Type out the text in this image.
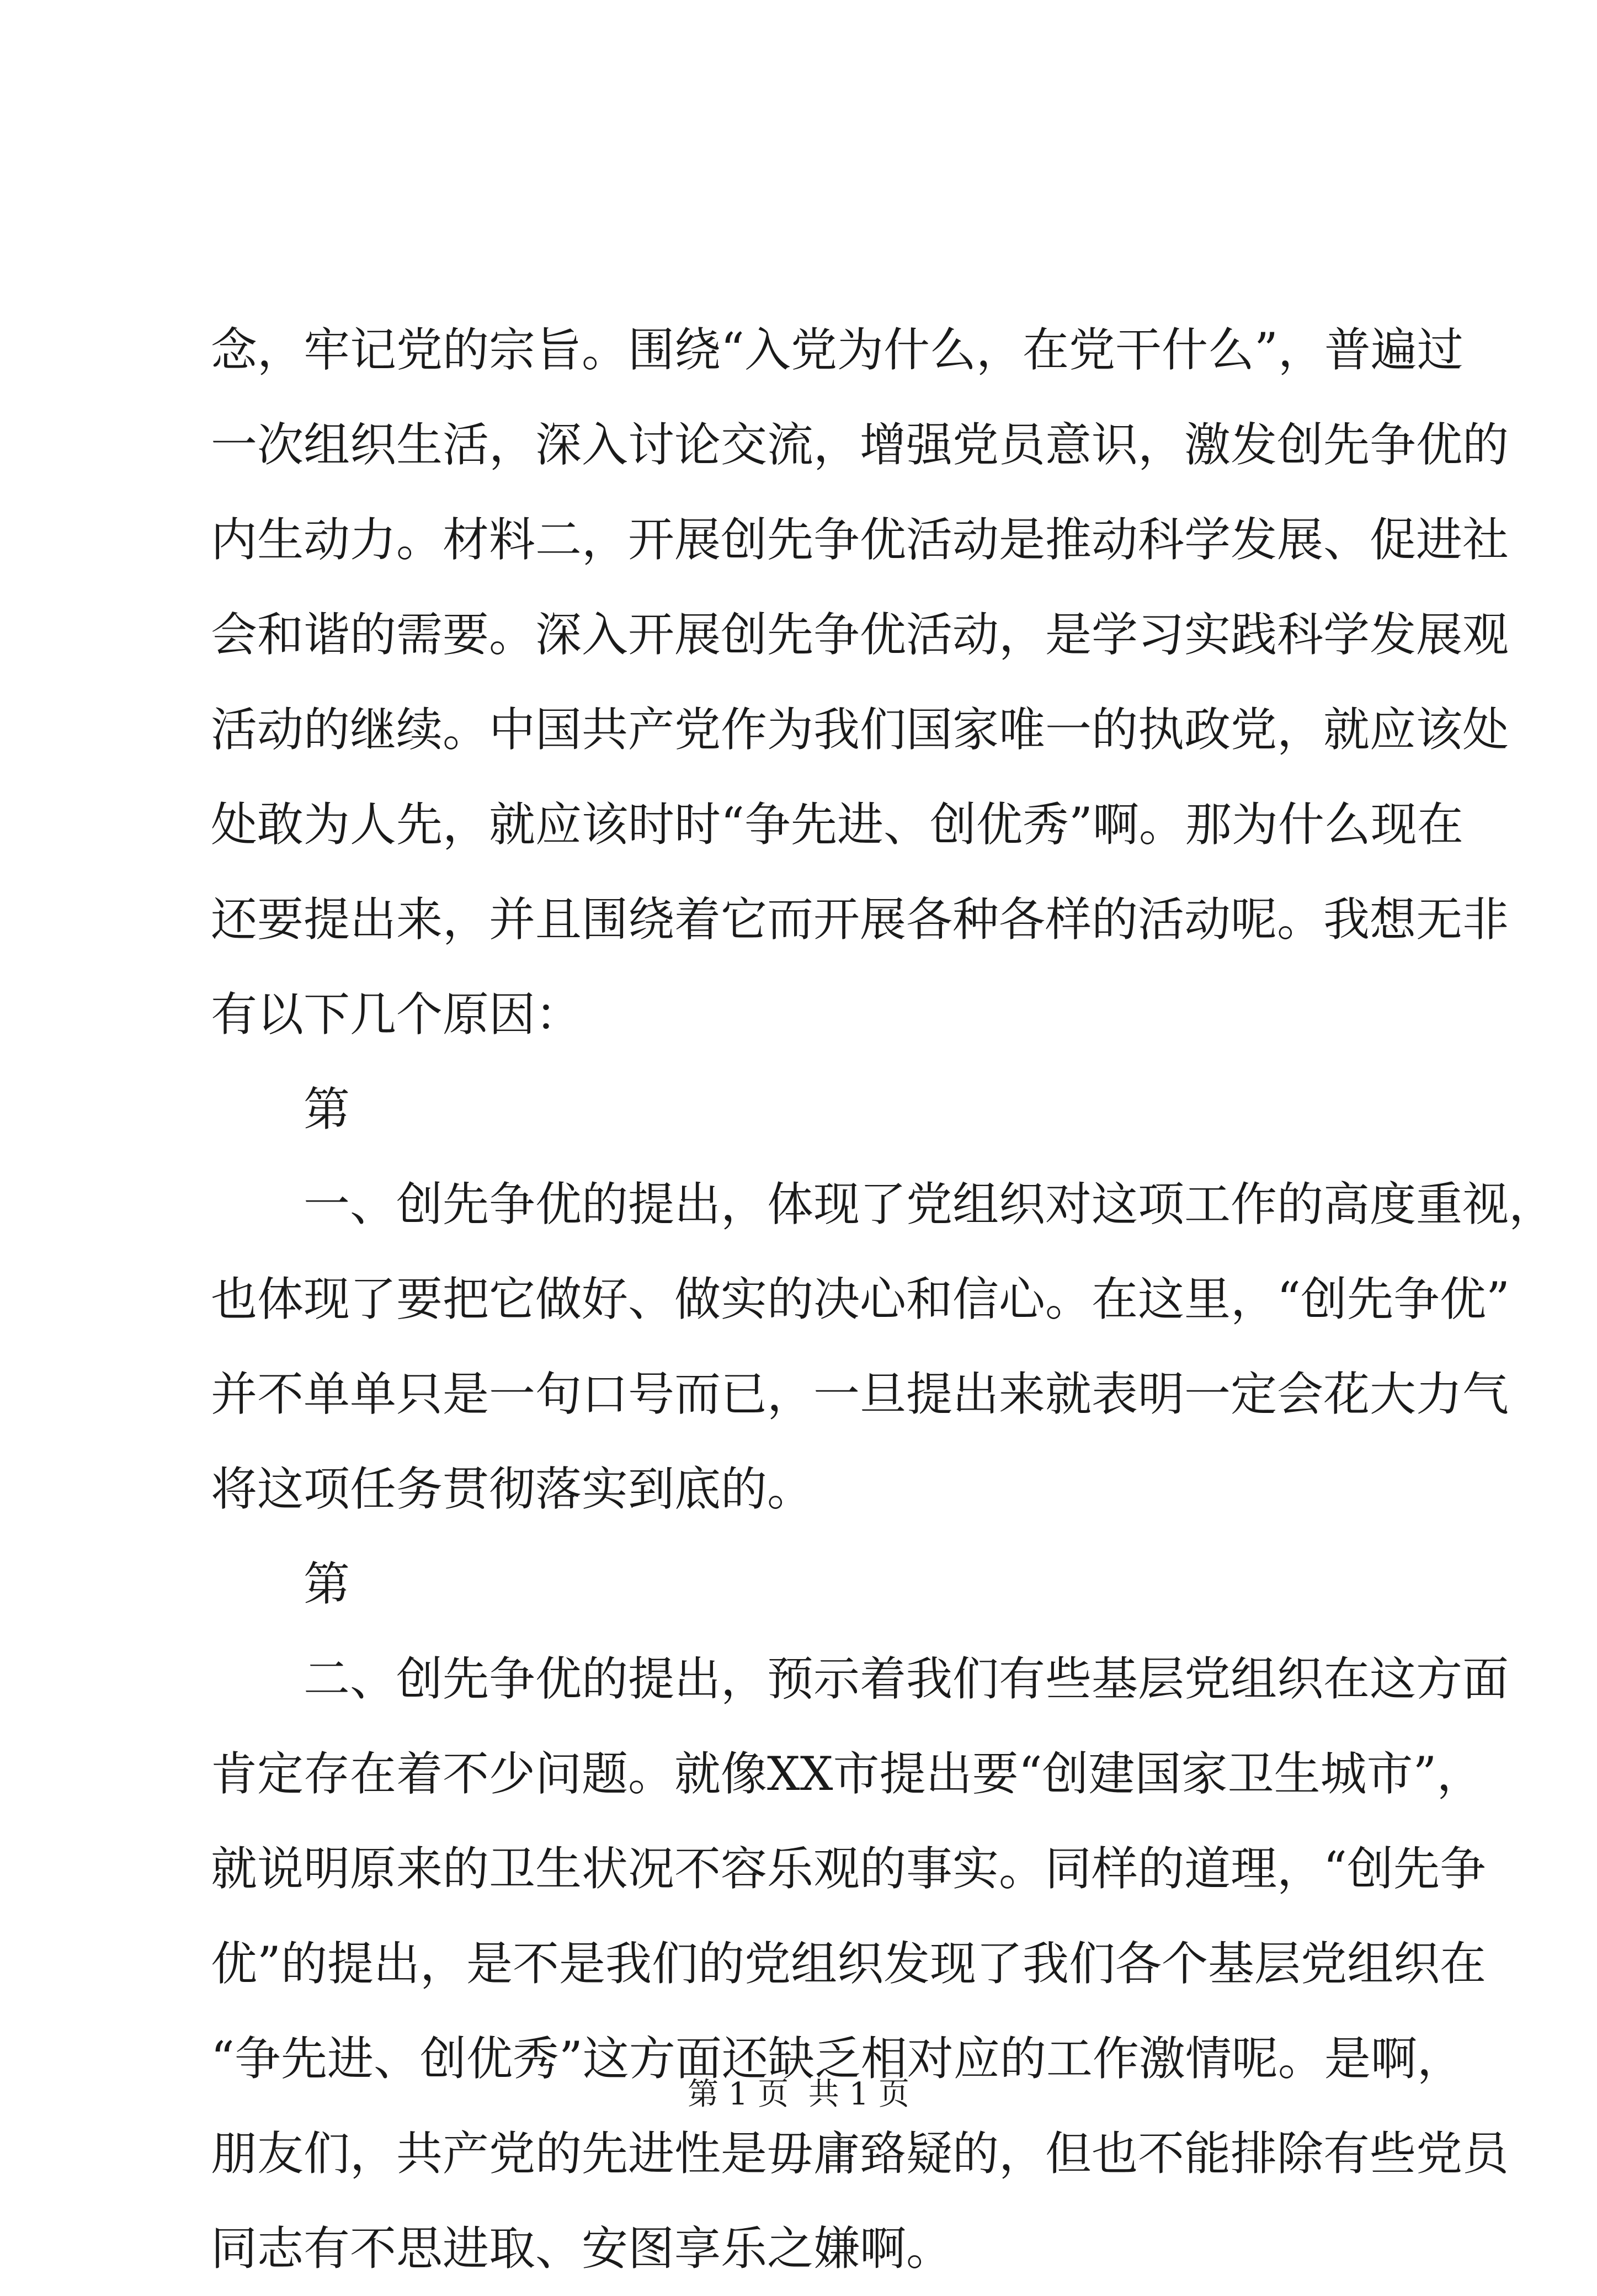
念，牢记党的宗旨。围绕“入党为什么，在党干什么”，普遍过
一次组织生活，深入讨论交流，增强党员意识，激发创先争优的
内生动力。材料二，开展创先争优活动是推动科学发展、促进社
会和谐的需要。深入开展创先争优活动，是学习实践科学发展观
活动的继续。中国共产党作为我们国家唯一的执政党，就应该处
处敢为人先，就应该时时“争先进、创优秀”啊。那为什么现在
还要提出来，并且围绕着它而开展各种各样的活动呢。我想无非
有以下几个原因：
第
一、创先争优的提出，体现了党组织对这项工作的高度重视，
也体现了要把它做好、做实的决心和信心。在这里，“创先争优”
并不单单只是一句口号而已，一旦提出来就表明一定会花大力气
将这项任务贯彻落实到底的。
第
二、创先争优的提出，预示着我们有些基层党组织在这方面
肯定存在着不少问题。就像XX市提出要“创建国家卫生城市”，
就说明原来的卫生状况不容乐观的事实。同样的道理，“创先争
优”的提出，是不是我们的党组织发现了我们各个基层党组织在
“争先进、创优秀”这方面还缺乏相对应的工作激情呢。是啊，
朋友们，共产党的先进性是毋庸臵疑的，但也不能排除有些党员
同志有不思进取、安图享乐之嫌啊。
第 1 页  共 1 页
